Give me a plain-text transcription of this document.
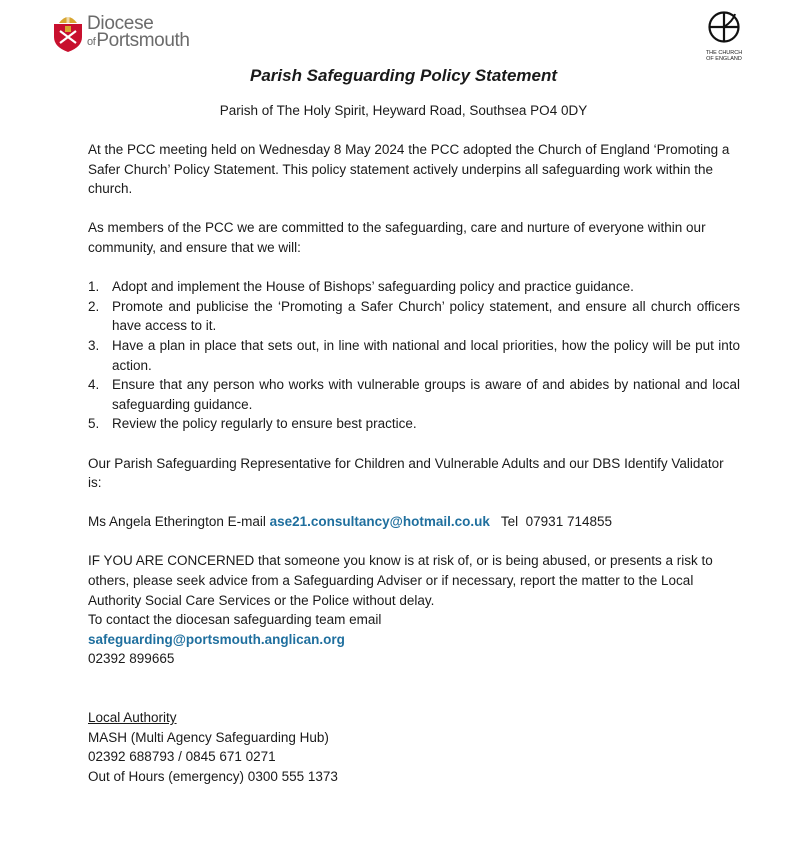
Diocese
ofPortsmouth
THE CHURCH
OF ENGLAND
Parish Safeguarding Policy Statement
Parish of The Holy Spirit, Heyward Road, Southsea PO4 0DY

At the PCC meeting held on Wednesday 8 May 2024 the PCC adopted the Church of England ‘Promoting a Safer Church’ Policy Statement. This policy statement actively underpins all safeguarding work within the church.

As members of the PCC we are committed to the safeguarding, care and nurture of everyone within our community, and ensure that we will:

1. Adopt and implement the House of Bishops’ safeguarding policy and practice guidance.
2. Promote and publicise the ‘Promoting a Safer Church’ policy statement, and ensure all church officers have access to it.
3. Have a plan in place that sets out, in line with national and local priorities, how the policy will be put into action.
4. Ensure that any person who works with vulnerable groups is aware of and abides by national and local safeguarding guidance.
5. Review the policy regularly to ensure best practice.

Our Parish Safeguarding Representative for Children and Vulnerable Adults and our DBS Identify Validator is:

Ms Angela Etherington E-mail ase21.consultancy@hotmail.co.uk Tel 07931 714855

IF YOU ARE CONCERNED that someone you know is at risk of, or is being abused, or presents a risk to others, please seek advice from a Safeguarding Adviser or if necessary, report the matter to the Local Authority Social Care Services or the Police without delay.

To contact the diocesan safeguarding team email

safeguarding@portsmouth.anglican.org

02392 899665

Local Authority

MASH (Multi Agency Safeguarding Hub)

02392 688793 / 0845 671 0271

Out of Hours (emergency) 0300 555 1373
